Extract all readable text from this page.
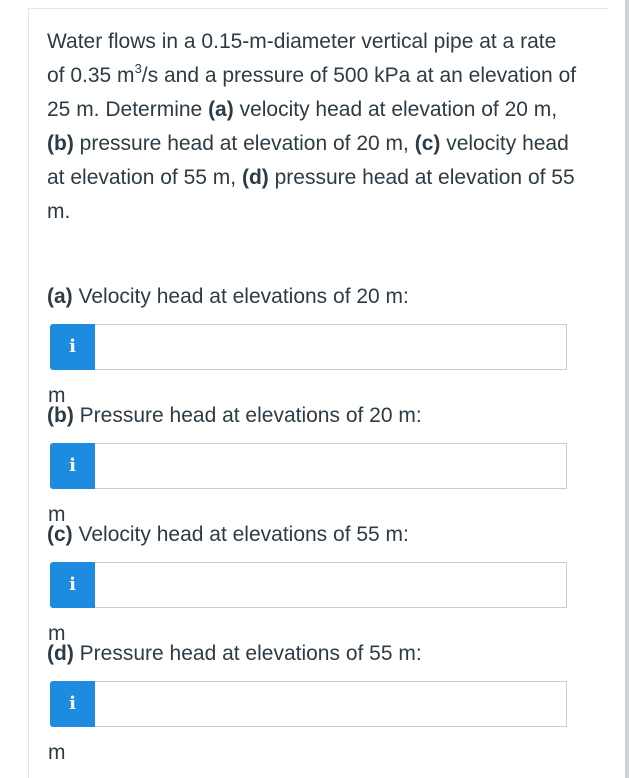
Water flows in a 0.15-m-diameter vertical pipe at a rate of 0.35 $m^3/s$ and a pressure of 500 kPa at an elevation of 25 m. Determine (a) velocity head at elevation of 20 m, (b) pressure head at elevation of 20 m, (c) velocity head at elevation of 55 m, (d) pressure head at elevation of 55 m.

(a) Velocity head at elevations of 20 m:

i
m

(b) Pressure head at elevations of 20 m:

i
m

(c) Velocity head at elevations of 55 m:

i
m

(d) Pressure head at elevations of 55 m:

i
m
